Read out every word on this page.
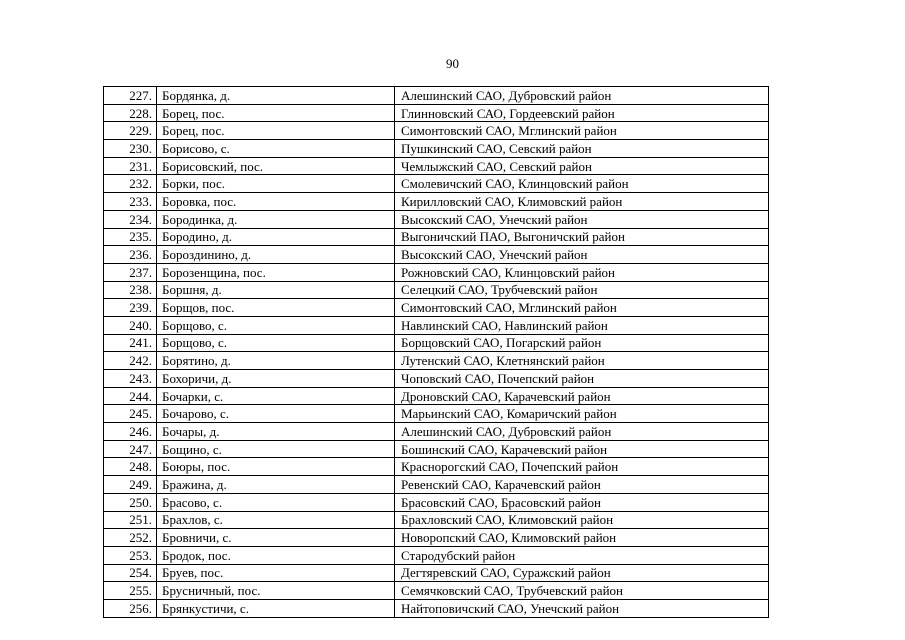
90
227.	Бордянка, д.	Алешинский САО, Дубровский район
228.	Борец, пос.	Глинновский САО, Гордеевский район
229.	Борец, пос.	Симонтовский САО, Мглинский район
230.	Борисово, с.	Пушкинский САО, Севский район
231.	Борисовский, пос.	Чемлыжский САО, Севский район
232.	Борки, пос.	Смолевичский САО, Клинцовский район
233.	Боровка, пос.	Кирилловский САО, Климовский район
234.	Бородинка, д.	Высокский САО, Унечский район
235.	Бородино, д.	Выгоничский ПАО, Выгоничский район
236.	Бороздинино, д.	Высокский САО, Унечский район
237.	Борозенщина, пос.	Рожновский САО, Клинцовский район
238.	Боршня, д.	Селецкий САО, Трубчевский район
239.	Борщов, пос.	Симонтовский САО, Мглинский район
240.	Борщово, с.	Навлинский САО, Навлинский район
241.	Борщово, с.	Борщовский САО, Погарский район
242.	Борятино, д.	Лутенский САО, Клетнянский район
243.	Бохоричи, д.	Чоповский САО, Почепский район
244.	Бочарки, с.	Дроновский САО, Карачевский район
245.	Бочарово, с.	Марьинский САО, Комаричский район
246.	Бочары, д.	Алешинский САО, Дубровский район
247.	Бощино, с.	Бошинский САО, Карачевский район
248.	Боюры, пос.	Краснорогский САО, Почепский район
249.	Бражина, д.	Ревенский САО, Карачевский район
250.	Брасово, с.	Брасовский САО, Брасовский район
251.	Брахлов, с.	Брахловский САО, Климовский район
252.	Бровничи, с.	Новоропский САО, Климовский район
253.	Бродок, пос.	Стародубский район
254.	Бруев, пос.	Дегтяревский САО, Суражский район
255.	Брусничный, пос.	Семячковский САО, Трубчевский район
256.	Брянкустичи, с.	Найтоповичский САО, Унечский район
